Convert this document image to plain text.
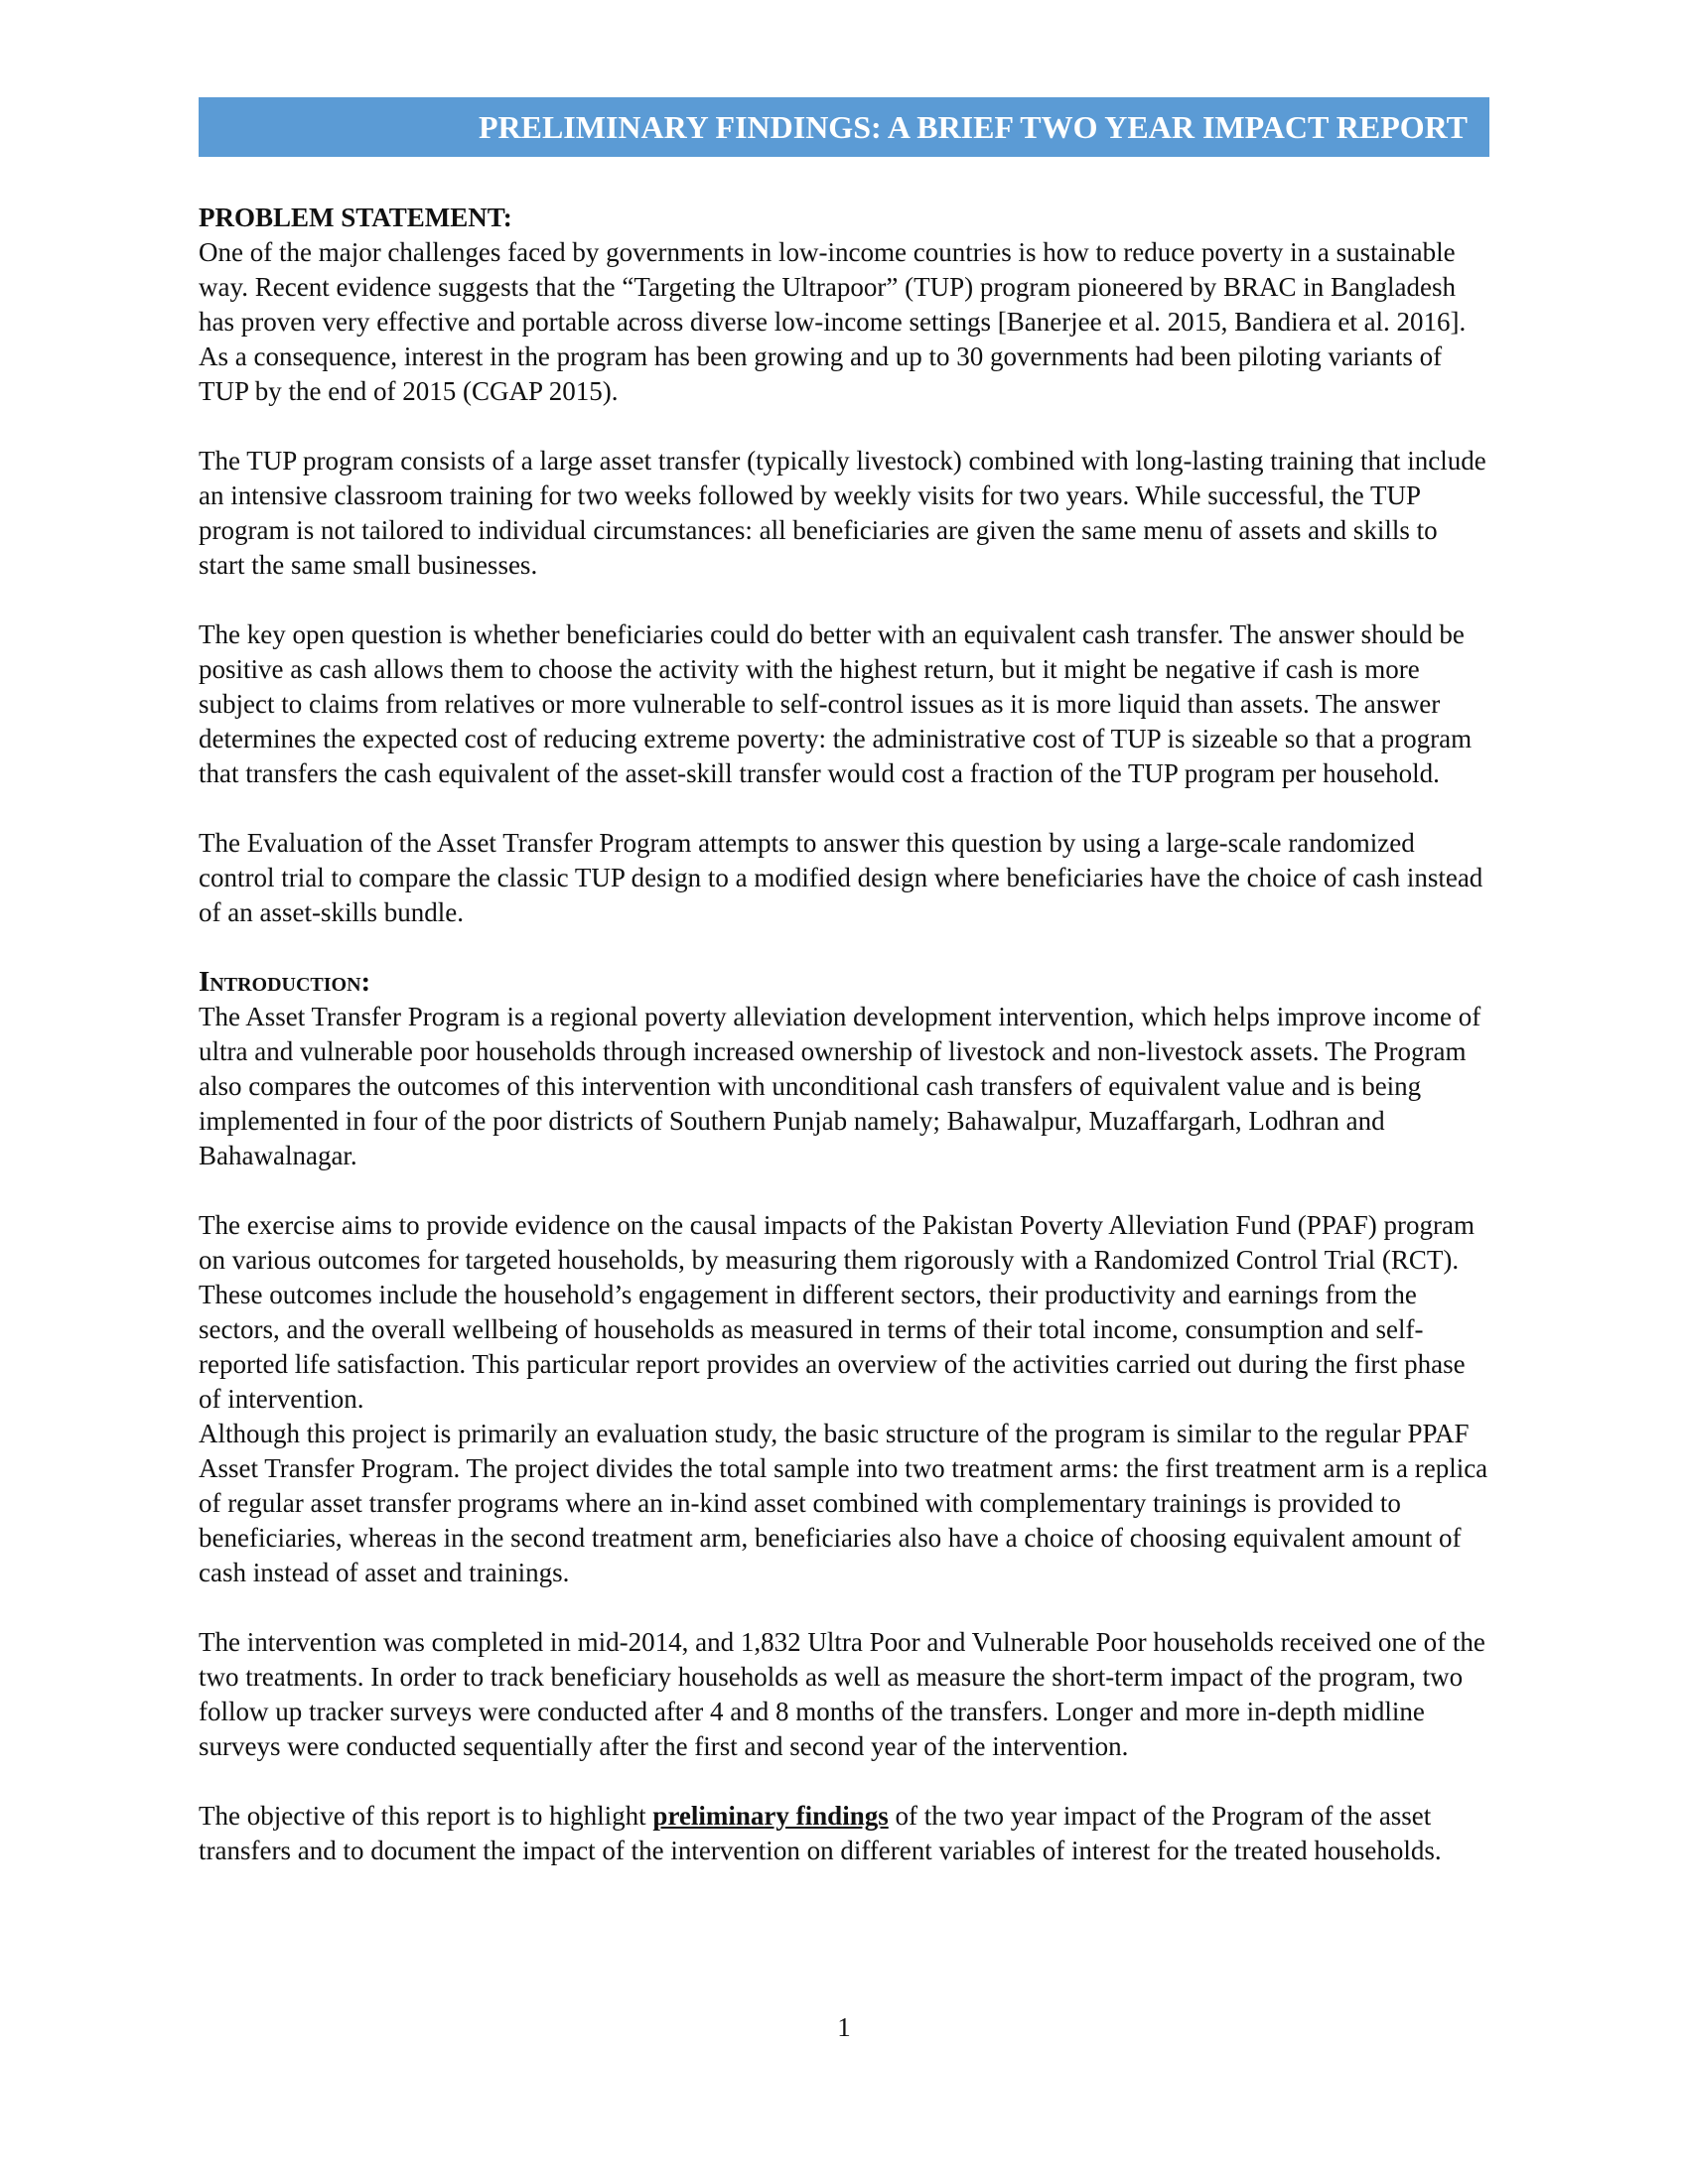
PRELIMINARY FINDINGS: A BRIEF TWO YEAR IMPACT REPORT

PROBLEM STATEMENT:

One of the major challenges faced by governments in low-income countries is how to reduce poverty in a sustainable way. Recent evidence suggests that the “Targeting the Ultrapoor” (TUP) program pioneered by BRAC in Bangladesh has proven very effective and portable across diverse low-income settings [Banerjee et al. 2015, Bandiera et al. 2016]. As a consequence, interest in the program has been growing and up to 30 governments had been piloting variants of TUP by the end of 2015 (CGAP 2015).

The TUP program consists of a large asset transfer (typically livestock) combined with long-lasting training that include an intensive classroom training for two weeks followed by weekly visits for two years. While successful, the TUP program is not tailored to individual circumstances: all beneficiaries are given the same menu of assets and skills to start the same small businesses.

The key open question is whether beneficiaries could do better with an equivalent cash transfer. The answer should be positive as cash allows them to choose the activity with the highest return, but it might be negative if cash is more subject to claims from relatives or more vulnerable to self-control issues as it is more liquid than assets. The answer determines the expected cost of reducing extreme poverty: the administrative cost of TUP is sizeable so that a program that transfers the cash equivalent of the asset-skill transfer would cost a fraction of the TUP program per household.

The Evaluation of the Asset Transfer Program attempts to answer this question by using a large-scale randomized control trial to compare the classic TUP design to a modified design where beneficiaries have the choice of cash instead of an asset-skills bundle.

Introduction:

The Asset Transfer Program is a regional poverty alleviation development intervention, which helps improve income of ultra and vulnerable poor households through increased ownership of livestock and non-livestock assets. The Program also compares the outcomes of this intervention with unconditional cash transfers of equivalent value and is being implemented in four of the poor districts of Southern Punjab namely; Bahawalpur, Muzaffargarh, Lodhran and Bahawalnagar.

The exercise aims to provide evidence on the causal impacts of the Pakistan Poverty Alleviation Fund (PPAF) program on various outcomes for targeted households, by measuring them rigorously with a Randomized Control Trial (RCT). These outcomes include the household’s engagement in different sectors, their productivity and earnings from the sectors, and the overall wellbeing of households as measured in terms of their total income, consumption and self-reported life satisfaction. This particular report provides an overview of the activities carried out during the first phase of intervention.

Although this project is primarily an evaluation study, the basic structure of the program is similar to the regular PPAF Asset Transfer Program. The project divides the total sample into two treatment arms: the first treatment arm is a replica of regular asset transfer programs where an in-kind asset combined with complementary trainings is provided to beneficiaries, whereas in the second treatment arm, beneficiaries also have a choice of choosing equivalent amount of cash instead of asset and trainings.

The intervention was completed in mid-2014, and 1,832 Ultra Poor and Vulnerable Poor households received one of the two treatments. In order to track beneficiary households as well as measure the short-term impact of the program, two follow up tracker surveys were conducted after 4 and 8 months of the transfers. Longer and more in-depth midline surveys were conducted sequentially after the first and second year of the intervention.

The objective of this report is to highlight preliminary findings of the two year impact of the Program of the asset transfers and to document the impact of the intervention on different variables of interest for the treated households.

1
